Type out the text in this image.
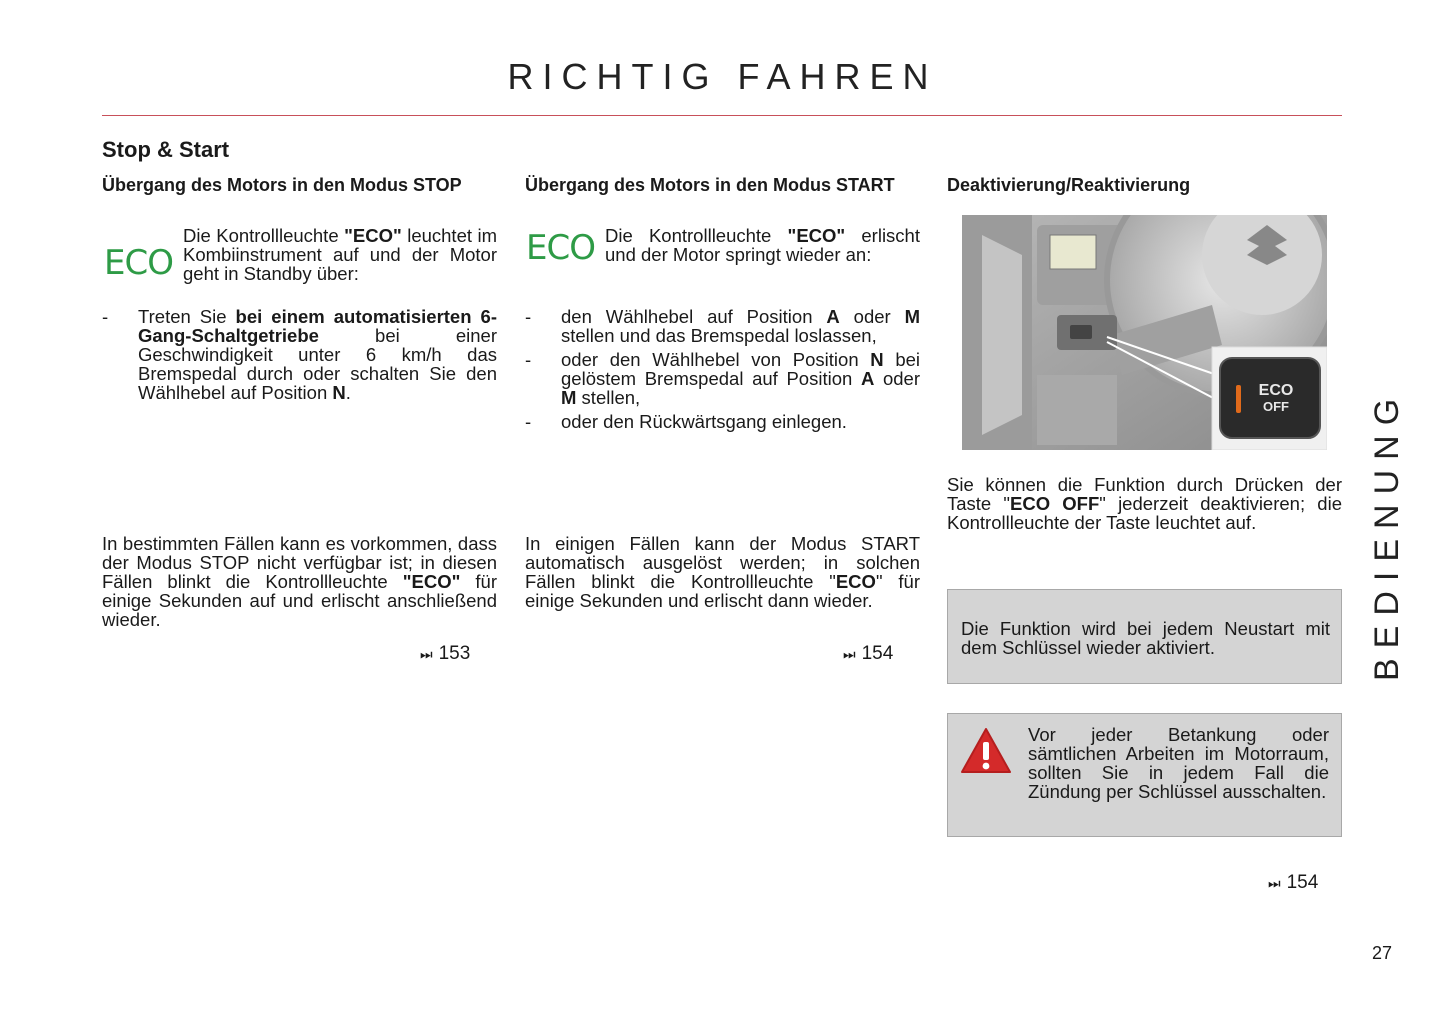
RICHTIG FAHREN
Stop & Start
Übergang des Motors in den Modus STOP
ECO
Die Kontrollleuchte "ECO" leuchtet im Kombiinstrument auf und der Motor geht in Standby über:
- Treten Sie bei einem automatisierten 6-Gang-Schaltgetriebe bei einer Geschwindigkeit unter 6 km/h das Bremspedal durch oder schalten Sie den Wählhebel auf Position N.
In bestimmten Fällen kann es vorkommen, dass der Modus STOP nicht verfügbar ist; in diesen Fällen blinkt die Kontrollleuchte "ECO" für einige Sekunden auf und erlischt anschließend wieder.
⏭ 153
Übergang des Motors in den Modus START
ECO Die Kontrollleuchte "ECO" erlischt und der Motor springt wieder an:
- den Wählhebel auf Position A oder M stellen und das Bremspedal loslassen,
- oder den Wählhebel von Position N bei gelöstem Bremspedal auf Position A oder M stellen,
- oder den Rückwärtsgang einlegen.
In einigen Fällen kann der Modus START automatisch ausgelöst werden; in solchen Fällen blinkt die Kontrollleuchte "ECO" für einige Sekunden und erlischt dann wieder.
⏭ 154
Deaktivierung/Reaktivierung
ECO
OFF
Sie können die Funktion durch Drücken der Taste "ECO OFF" jederzeit deaktivieren; die Kontrollleuchte der Taste leuchtet auf.
Die Funktion wird bei jedem Neustart mit dem Schlüssel wieder aktiviert.
Vor jeder Betankung oder sämtlichen Arbeiten im Motorraum, sollten Sie in jedem Fall die Zündung per Schlüssel ausschalten.
⏭ 154
BEDIENUNG
27
